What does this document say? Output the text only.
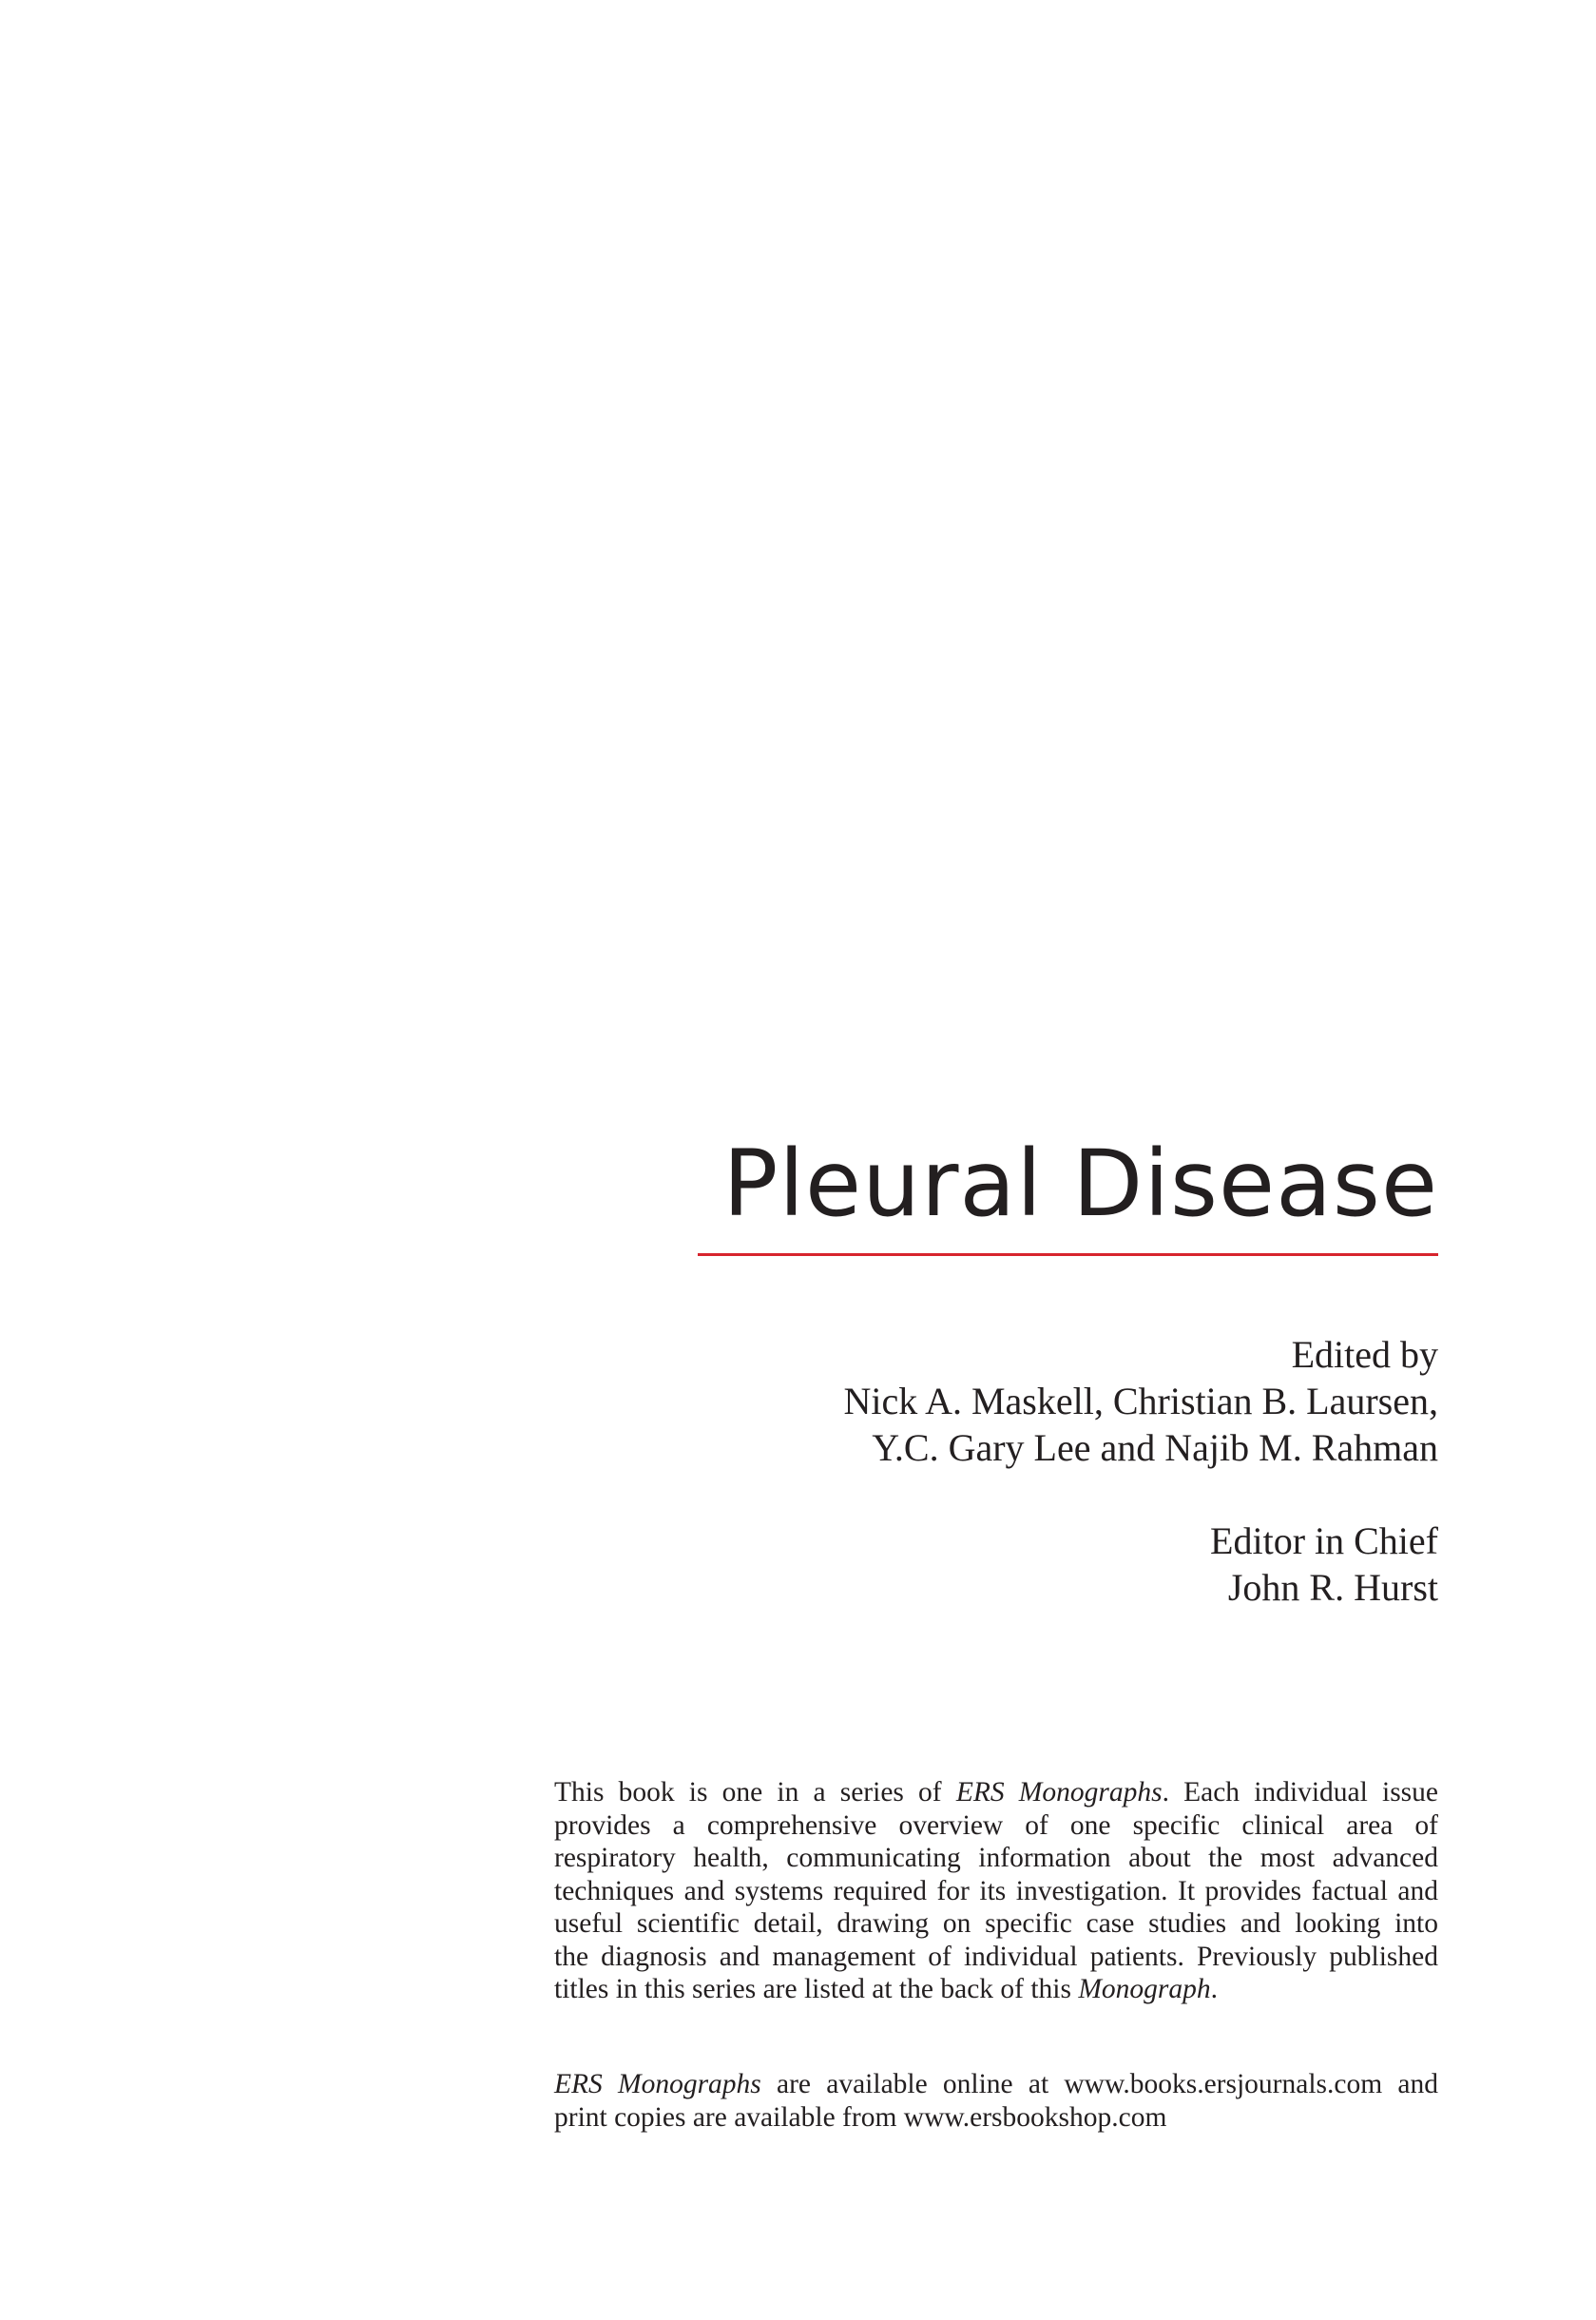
Pleural Disease
Edited by
Nick A. Maskell, Christian B. Laursen,
Y.C. Gary Lee and Najib M. Rahman
Editor in Chief
John R. Hurst
This book is one in a series of ERS Monographs. Each individual issue
provides a comprehensive overview of one specific clinical area of
respiratory health, communicating information about the most advanced
techniques and systems required for its investigation. It provides factual and
useful scientific detail, drawing on specific case studies and looking into
the diagnosis and management of individual patients. Previously published
titles in this series are listed at the back of this Monograph.
ERS Monographs are available online at www.books.ersjournals.com and
print copies are available from www.ersbookshop.com
